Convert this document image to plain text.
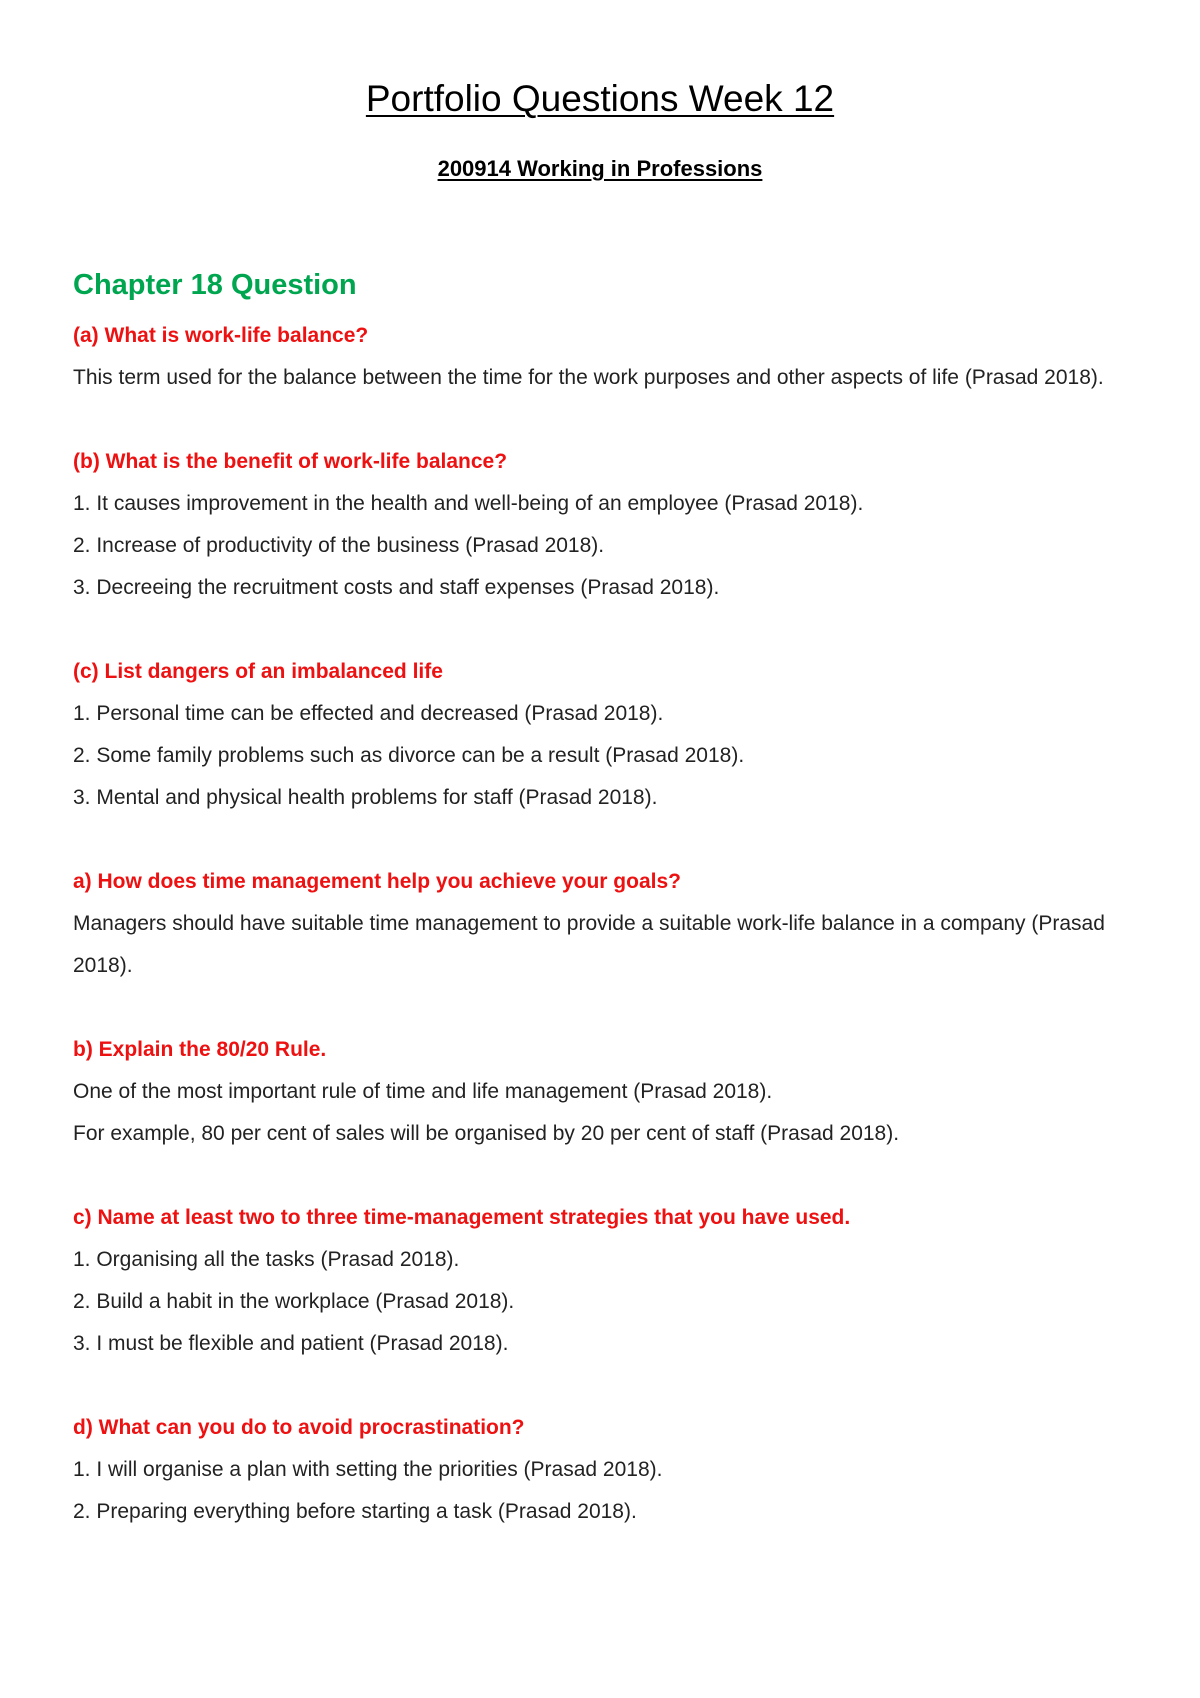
Portfolio Questions Week 12
200914 Working in Professions
Chapter 18 Question
(a) What is work-life balance?
This term used for the balance between the time for the work purposes and other aspects of life (Prasad 2018).
(b) What is the benefit of work-life balance?
1. It causes improvement in the health and well-being of an employee (Prasad 2018).
2. Increase of productivity of the business (Prasad 2018).
3. Decreeing the recruitment costs and staff expenses (Prasad 2018).
(c) List dangers of an imbalanced life
1. Personal time can be effected and decreased (Prasad 2018).
2. Some family problems such as divorce can be a result (Prasad 2018).
3. Mental and physical health problems for staff (Prasad 2018).
a) How does time management help you achieve your goals?
Managers should have suitable time management to provide a suitable work-life balance in a company (Prasad 2018).
b) Explain the 80/20 Rule.
One of the most important rule of time and life management (Prasad 2018).
For example, 80 per cent of sales will be organised by 20 per cent of staff (Prasad 2018).
c) Name at least two to three time-management strategies that you have used.
1. Organising all the tasks (Prasad 2018).
2. Build a habit in the workplace (Prasad 2018).
3. I must be flexible and patient (Prasad 2018).
d) What can you do to avoid procrastination?
1. I will organise a plan with setting the priorities (Prasad 2018).
2. Preparing everything before starting a task (Prasad 2018).
